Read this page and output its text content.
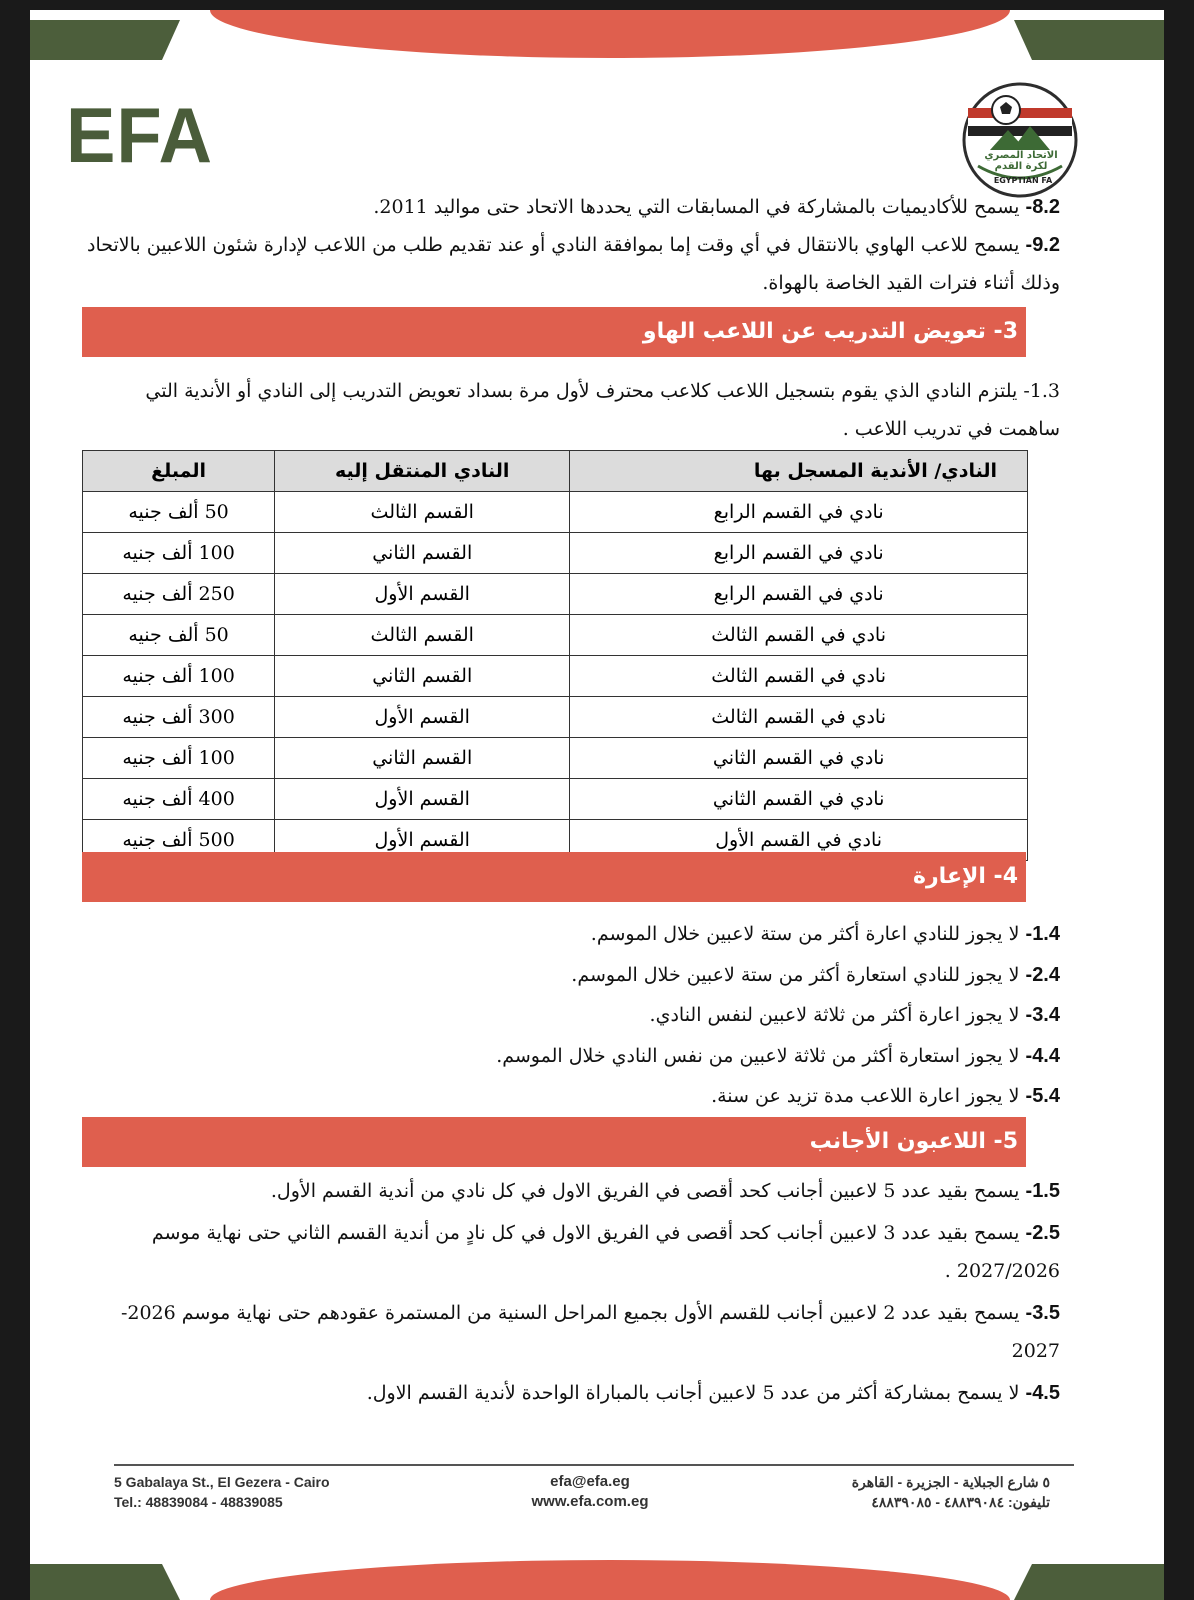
EFA	الاتحاد المصري لكرة القدم
EGYPTIAN FA
8.2- يسمح للأكاديميات بالمشاركة في المسابقات التي يحددها الاتحاد حتى مواليد 2011.
9.2- يسمح للاعب الهاوي بالانتقال في أي وقت إما بموافقة النادي أو عند تقديم طلب من اللاعب لإدارة شئون اللاعبين بالاتحاد وذلك أثناء فترات القيد الخاصة بالهواة.
3- تعويض التدريب عن اللاعب الهاو
1.3- يلتزم النادي الذي يقوم بتسجيل اللاعب كلاعب محترف لأول مرة بسداد تعويض التدريب إلى النادي أو الأندية التي ساهمت في تدريب اللاعب .
النادي/ الأندية المسجل بها	النادي المنتقل إليه	المبلغ
نادي في القسم الرابع	القسم الثالث	50 ألف جنيه
نادي في القسم الرابع	القسم الثاني	100 ألف جنيه
نادي في القسم الرابع	القسم الأول	250 ألف جنيه
نادي في القسم الثالث	القسم الثالث	50 ألف جنيه
نادي في القسم الثالث	القسم الثاني	100 ألف جنيه
نادي في القسم الثالث	القسم الأول	300 ألف جنيه
نادي في القسم الثاني	القسم الثاني	100 ألف جنيه
نادي في القسم الثاني	القسم الأول	400 ألف جنيه
نادي في القسم الأول	القسم الأول	500 ألف جنيه
4- الإعارة
1.4- لا يجوز للنادي اعارة أكثر من ستة لاعبين خلال الموسم.
2.4- لا يجوز للنادي استعارة أكثر من ستة لاعبين خلال الموسم.
3.4- لا يجوز اعارة أكثر من ثلاثة لاعبين لنفس النادي.
4.4- لا يجوز استعارة أكثر من ثلاثة لاعبين من نفس النادي خلال الموسم.
5.4- لا يجوز اعارة اللاعب مدة تزيد عن سنة.
5- اللاعبون الأجانب
1.5- يسمح بقيد عدد 5 لاعبين أجانب كحد أقصى في الفريق الاول في كل نادي من أندية القسم الأول.
2.5- يسمح بقيد عدد 3 لاعبين أجانب كحد أقصى في الفريق الاول في كل نادٍ من أندية القسم الثاني حتى نهاية موسم 2027/2026 .
3.5- يسمح بقيد عدد 2 لاعبين أجانب للقسم الأول بجميع المراحل السنية من المستمرة عقودهم حتى نهاية موسم 2026-2027
4.5- لا يسمح بمشاركة أكثر من عدد 5 لاعبين أجانب بالمباراة الواحدة لأندية القسم الاول.
5 Gabalaya St., El Gezera - Cairo
Tel.: 48839084 - 48839085
efa@efa.eg
www.efa.com.eg
٥ شارع الجبلاية - الجزيرة - القاهرة
تليفون: ٤٨٨٣٩٠٨٤ - ٤٨٨٣٩٠٨٥
